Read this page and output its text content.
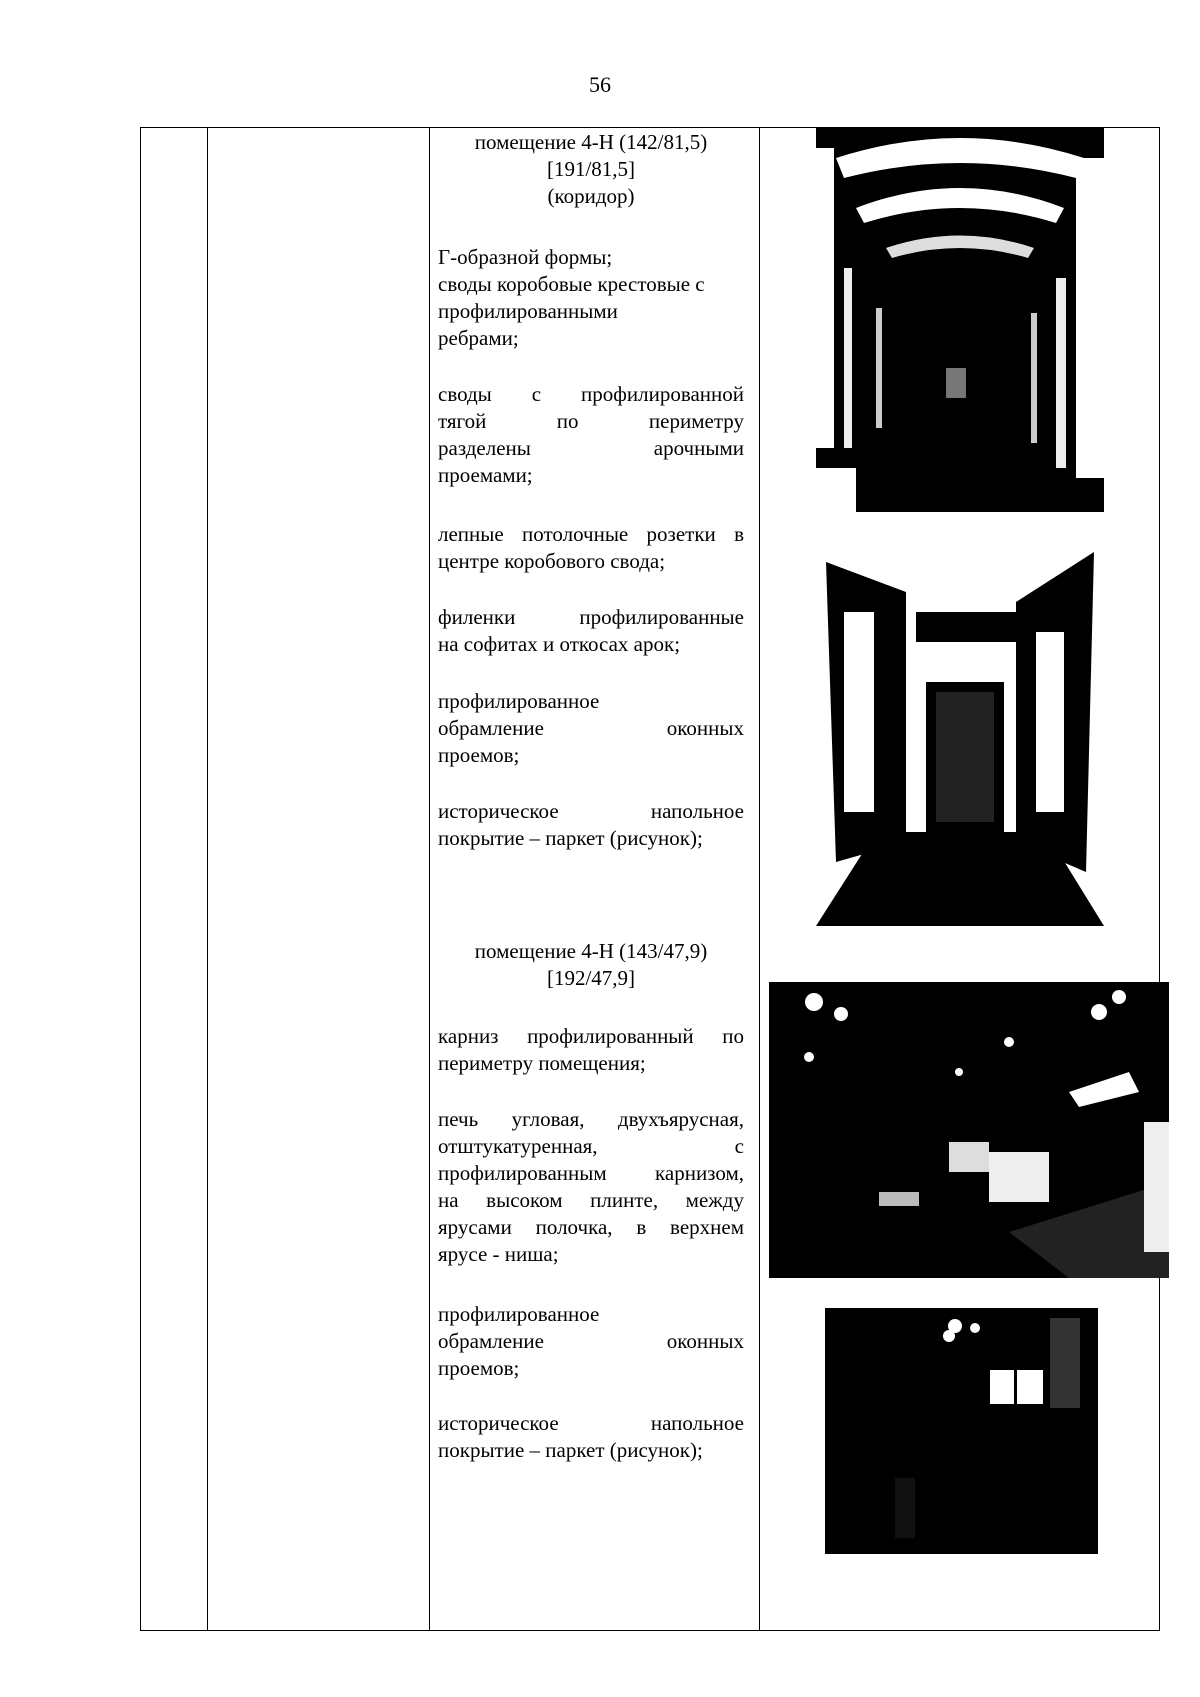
56
помещение 4-Н (142/81,5)
[191/81,5]
(коридор)
Г-образной формы;
своды коробовые крестовые с
профилированными
ребрами;
своды с профилированной
тягой по периметру
разделены арочными
проемами;
лепные потолочные розетки в
центре коробового свода;
филенки профилированные
на софитах и откосах арок;
профилированное
обрамление оконных
проемов;
историческое напольное
покрытие – паркет (рисунок);
помещение 4-Н (143/47,9)
[192/47,9]
карниз профилированный по
периметру помещения;
печь угловая, двухъярусная,
отштукатуренная, с
профилированным карнизом,
на высоком плинте, между
ярусами полочка, в верхнем
ярусе - ниша;
профилированное
обрамление оконных
проемов;
историческое напольное
покрытие – паркет (рисунок);
